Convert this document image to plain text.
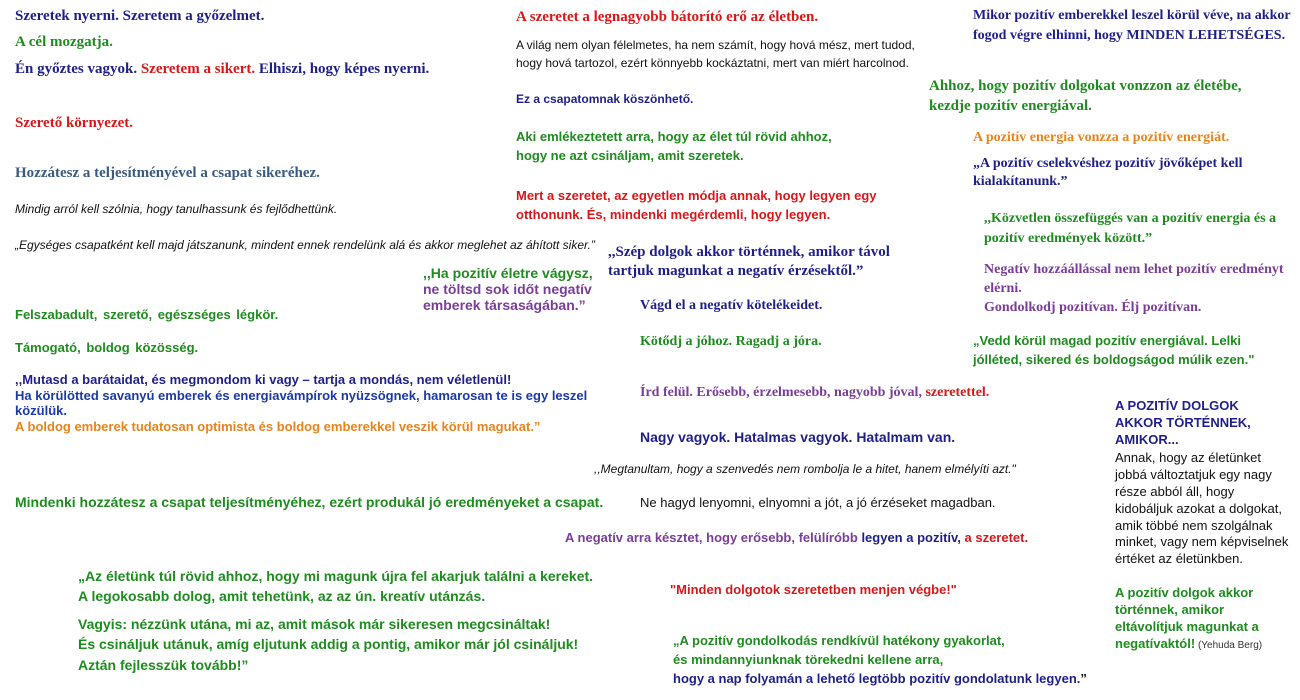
Szeretek nyerni. Szeretem a győzelmet.

A cél mozgatja.

Én győztes vagyok. Szeretem a sikert. Elhiszi, hogy képes nyerni.

Szerető környezet.

Hozzátesz a teljesítményével a csapat sikeréhez.

Mindig arról kell szólnia, hogy tanulhassunk és fejlődhettünk.

„Egységes csapatként kell majd játszanunk, mindent ennek rendelünk alá és akkor meglehet az áhított siker.”

,,Ha pozitív életre vágysz,
ne töltsd sok időt negatív emberek társaságában.”

Felszabadult, szerető, egészséges légkör.

Támogató, boldog közösség.

,,Mutasd a barátaidat, és megmondom ki vagy – tartja a mondás, nem véletlenül!
Ha körülötted savanyú emberek és energiavámpírok nyüzsögnek, hamarosan te is egy leszel közülük.
A boldog emberek tudatosan optimista és boldog emberekkel veszik körül magukat.”

Mindenki hozzátesz a csapat teljesítményéhez, ezért produkál jó eredményeket a csapat.

„Az életünk túl rövid ahhoz, hogy mi magunk újra fel akarjuk találni a kereket.
A legokosabb dolog, amit tehetünk, az az ún. kreatív utánzás.
Vagyis: nézzünk utána, mi az, amit mások már sikeresen megcsináltak!
És csináljuk utánuk, amíg eljutunk addig a pontig, amikor már jól csináljuk!
Aztán fejlesszük tovább!”

A szeretet a legnagyobb bátorító erő az életben.

A világ nem olyan félelmetes, ha nem számít, hogy hová mész, mert tudod, hogy hová tartozol, ezért könnyebb kockáztatni, mert van miért harcolnod.

Ez a csapatomnak köszönhető.

Aki emlékeztetett arra, hogy az élet túl rövid ahhoz,
hogy ne azt csináljam, amit szeretek.
Mert a szeretet, az egyetlen módja annak, hogy legyen egy
otthonunk. És, mindenki megérdemli, hogy legyen.
,,Szép dolgok akkor történnek, amikor távol
tartjuk magunkat a negatív érzésektől.”

Vágd el a negatív kötelékeidet.

Kötődj a jóhoz. Ragadj a jóra.

Írd felül. Erősebb, érzelmesebb, nagyobb jóval, szeretettel.

Nagy vagyok. Hatalmas vagyok. Hatalmam van.

,,Megtanultam, hogy a szenvedés nem rombolja le a hitet, hanem elmélyíti azt."

Ne hagyd lenyomni, elnyomni a jót, a jó érzéseket magadban.

A negatív arra késztet, hogy erősebb, felülíróbb legyen a pozitív, a szeretet.

"Minden dolgotok szeretetben menjen végbe!"

„A pozitív gondolkodás rendkívül hatékony gyakorlat,
és mindannyiunknak törekedni kellene arra,
hogy a nap folyamán a lehető legtöbb pozitív gondolatunk legyen.”

Mikor pozitív emberekkel leszel körül véve, na akkor fogod végre elhinni, hogy MINDEN LEHETSÉGES.

Ahhoz, hogy pozitív dolgokat vonzzon az életébe, kezdje pozitív energiával.

A pozitív energia vonzza a pozitív energiát.

„A pozitív cselekvéshez pozitív jövőképet kell kialakítanunk.”

,,Közvetlen összefüggés van a pozitív energia és a pozitív eredmények között.”

Negatív hozzáállással nem lehet pozitív eredményt elérni.
Gondolkodj pozitívan. Élj pozitívan.

„Vedd körül magad pozitív energiával. Lelki jólléted, sikered és boldogságod múlik ezen."

A POZITÍV DOLGOK AKKOR TÖRTÉNNEK, AMIKOR...

Annak, hogy az életünket jobbá változtatjuk egy nagy része abból áll, hogy kidobáljuk azokat a dolgokat, amik többé nem szolgálnak minket, vagy nem képviselnek értéket az életünkben.

A pozitív dolgok akkor történnek, amikor eltávolítjuk magunkat a negatívaktól! (Yehuda Berg)
